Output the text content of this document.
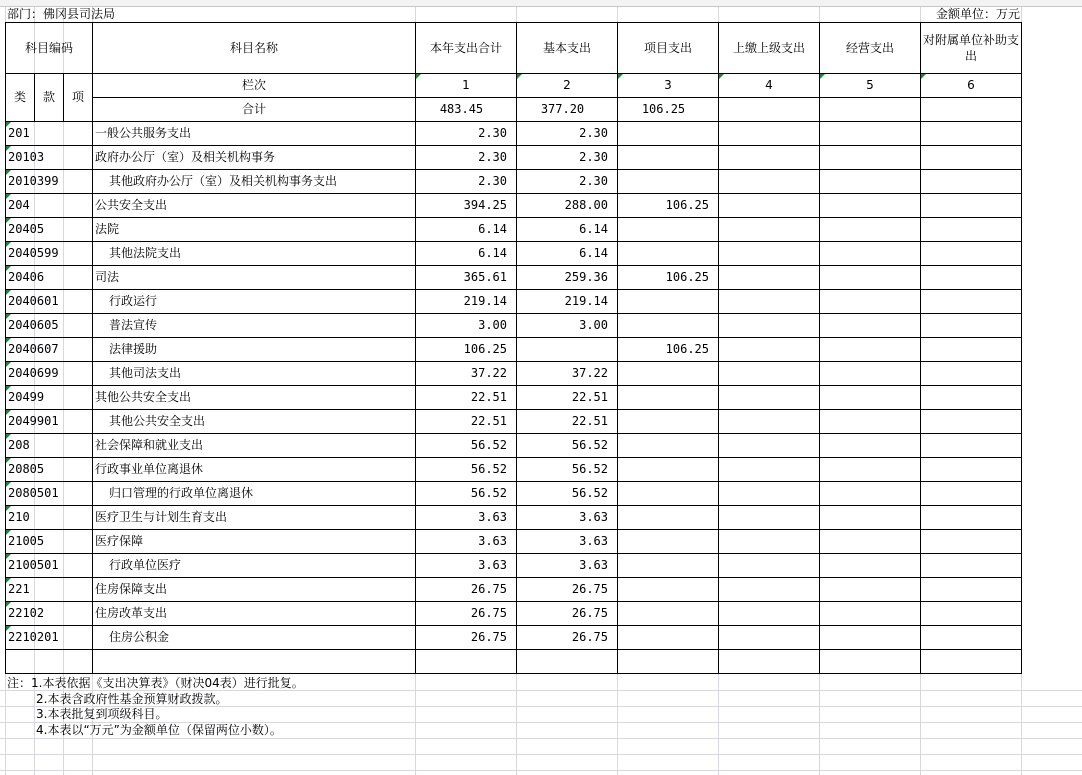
部门：佛冈县司法局	金额单位：万元
科目编码			科目名称	本年支出合计	基本支出	项目支出	上缴上级支出	经营支出	对附属单位补助支出
类	款	项	栏次	1	2	3	4	5	6
			合计	483.45	377.20	106.25			
201			一般公共服务支出	2.30	2.30				
20103			政府办公厅（室）及相关机构事务	2.30	2.30				
2010399			其他政府办公厅（室）及相关机构事务支出	2.30	2.30				
204			公共安全支出	394.25	288.00	106.25			
20405			法院	6.14	6.14				
2040599			其他法院支出	6.14	6.14				
20406			司法	365.61	259.36	106.25			
2040601			行政运行	219.14	219.14				
2040605			普法宣传	3.00	3.00				
2040607			法律援助	106.25		106.25			
2040699			其他司法支出	37.22	37.22				
20499			其他公共安全支出	22.51	22.51				
2049901			其他公共安全支出	22.51	22.51				
208			社会保障和就业支出	56.52	56.52				
20805			行政事业单位离退休	56.52	56.52				
2080501			归口管理的行政单位离退休	56.52	56.52				
210			医疗卫生与计划生育支出	3.63	3.63				
21005			医疗保障	3.63	3.63				
2100501			行政单位医疗	3.63	3.63				
221			住房保障支出	26.75	26.75				
22102			住房改革支出	26.75	26.75				
2210201			住房公积金	26.75	26.75				

注：1.本表依据《支出决算表》（财决04表）进行批复。
2.本表含政府性基金预算财政拨款。
3.本表批复到项级科目。
4.本表以“万元”为金额单位（保留两位小数）。
